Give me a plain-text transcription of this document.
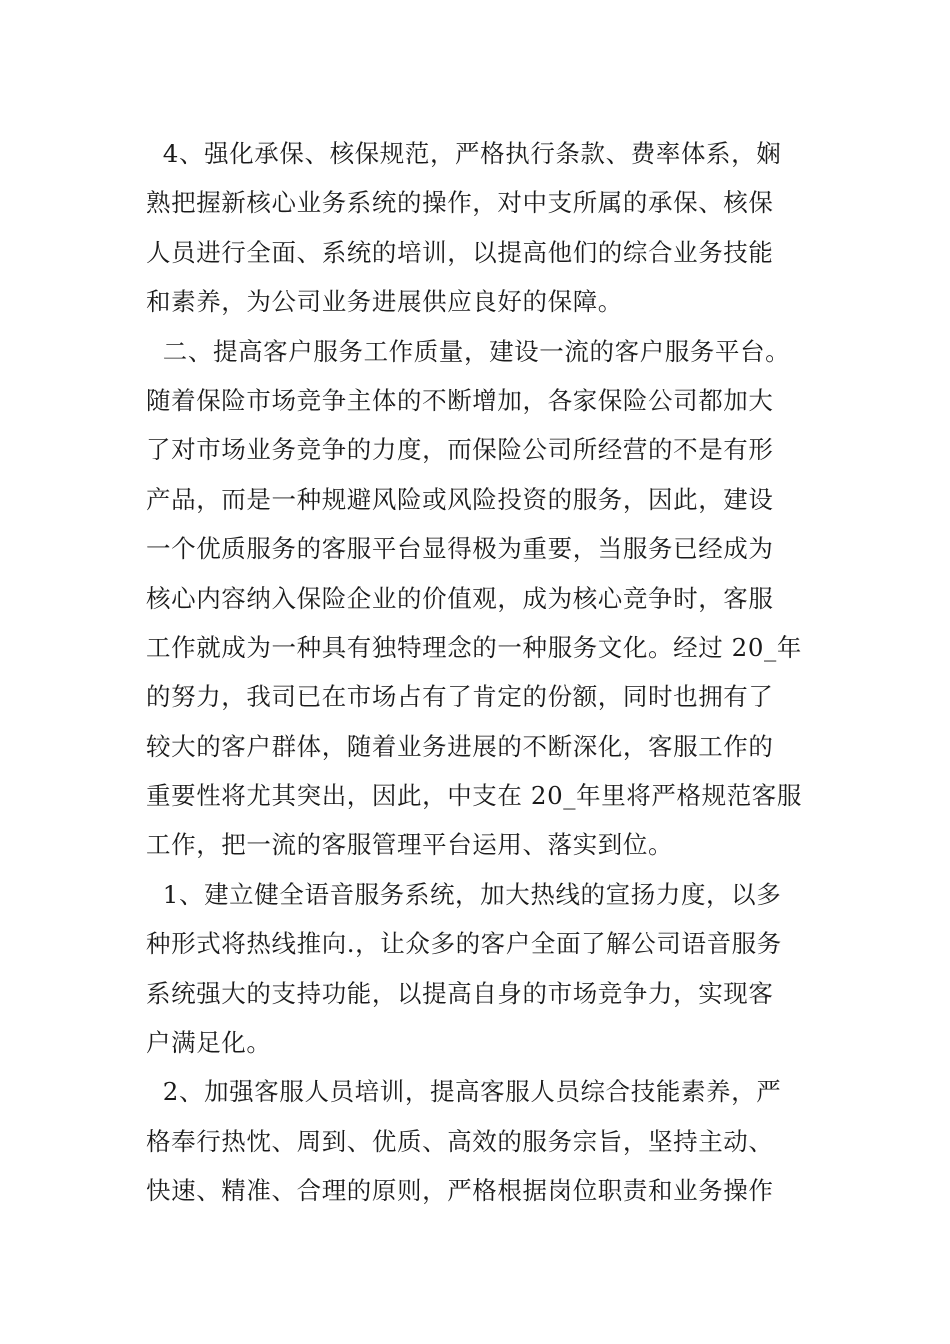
4、强化承保、核保规范，严格执行条款、费率体系，娴
熟把握新核心业务系统的操作，对中支所属的承保、核保
人员进行全面、系统的培训，以提高他们的综合业务技能
和素养，为公司业务进展供应良好的保障。
二、提高客户服务工作质量，建设一流的客户服务平台。
随着保险市场竞争主体的不断增加，各家保险公司都加大
了对市场业务竞争的力度，而保险公司所经营的不是有形
产品，而是一种规避风险或风险投资的服务，因此，建设
一个优质服务的客服平台显得极为重要，当服务已经成为
核心内容纳入保险企业的价值观，成为核心竞争时，客服
工作就成为一种具有独特理念的一种服务文化。经过 20_年
的努力，我司已在市场占有了肯定的份额，同时也拥有了
较大的客户群体，随着业务进展的不断深化，客服工作的
重要性将尤其突出，因此，中支在 20_年里将严格规范客服
工作，把一流的客服管理平台运用、落实到位。
1、建立健全语音服务系统，加大热线的宣扬力度，以多
种形式将热线推向.，让众多的客户全面了解公司语音服务
系统强大的支持功能，以提高自身的市场竞争力，实现客
户满足化。
2、加强客服人员培训，提高客服人员综合技能素养，严
格奉行热忱、周到、优质、高效的服务宗旨，坚持主动、
快速、精准、合理的原则，严格根据岗位职责和业务操作
